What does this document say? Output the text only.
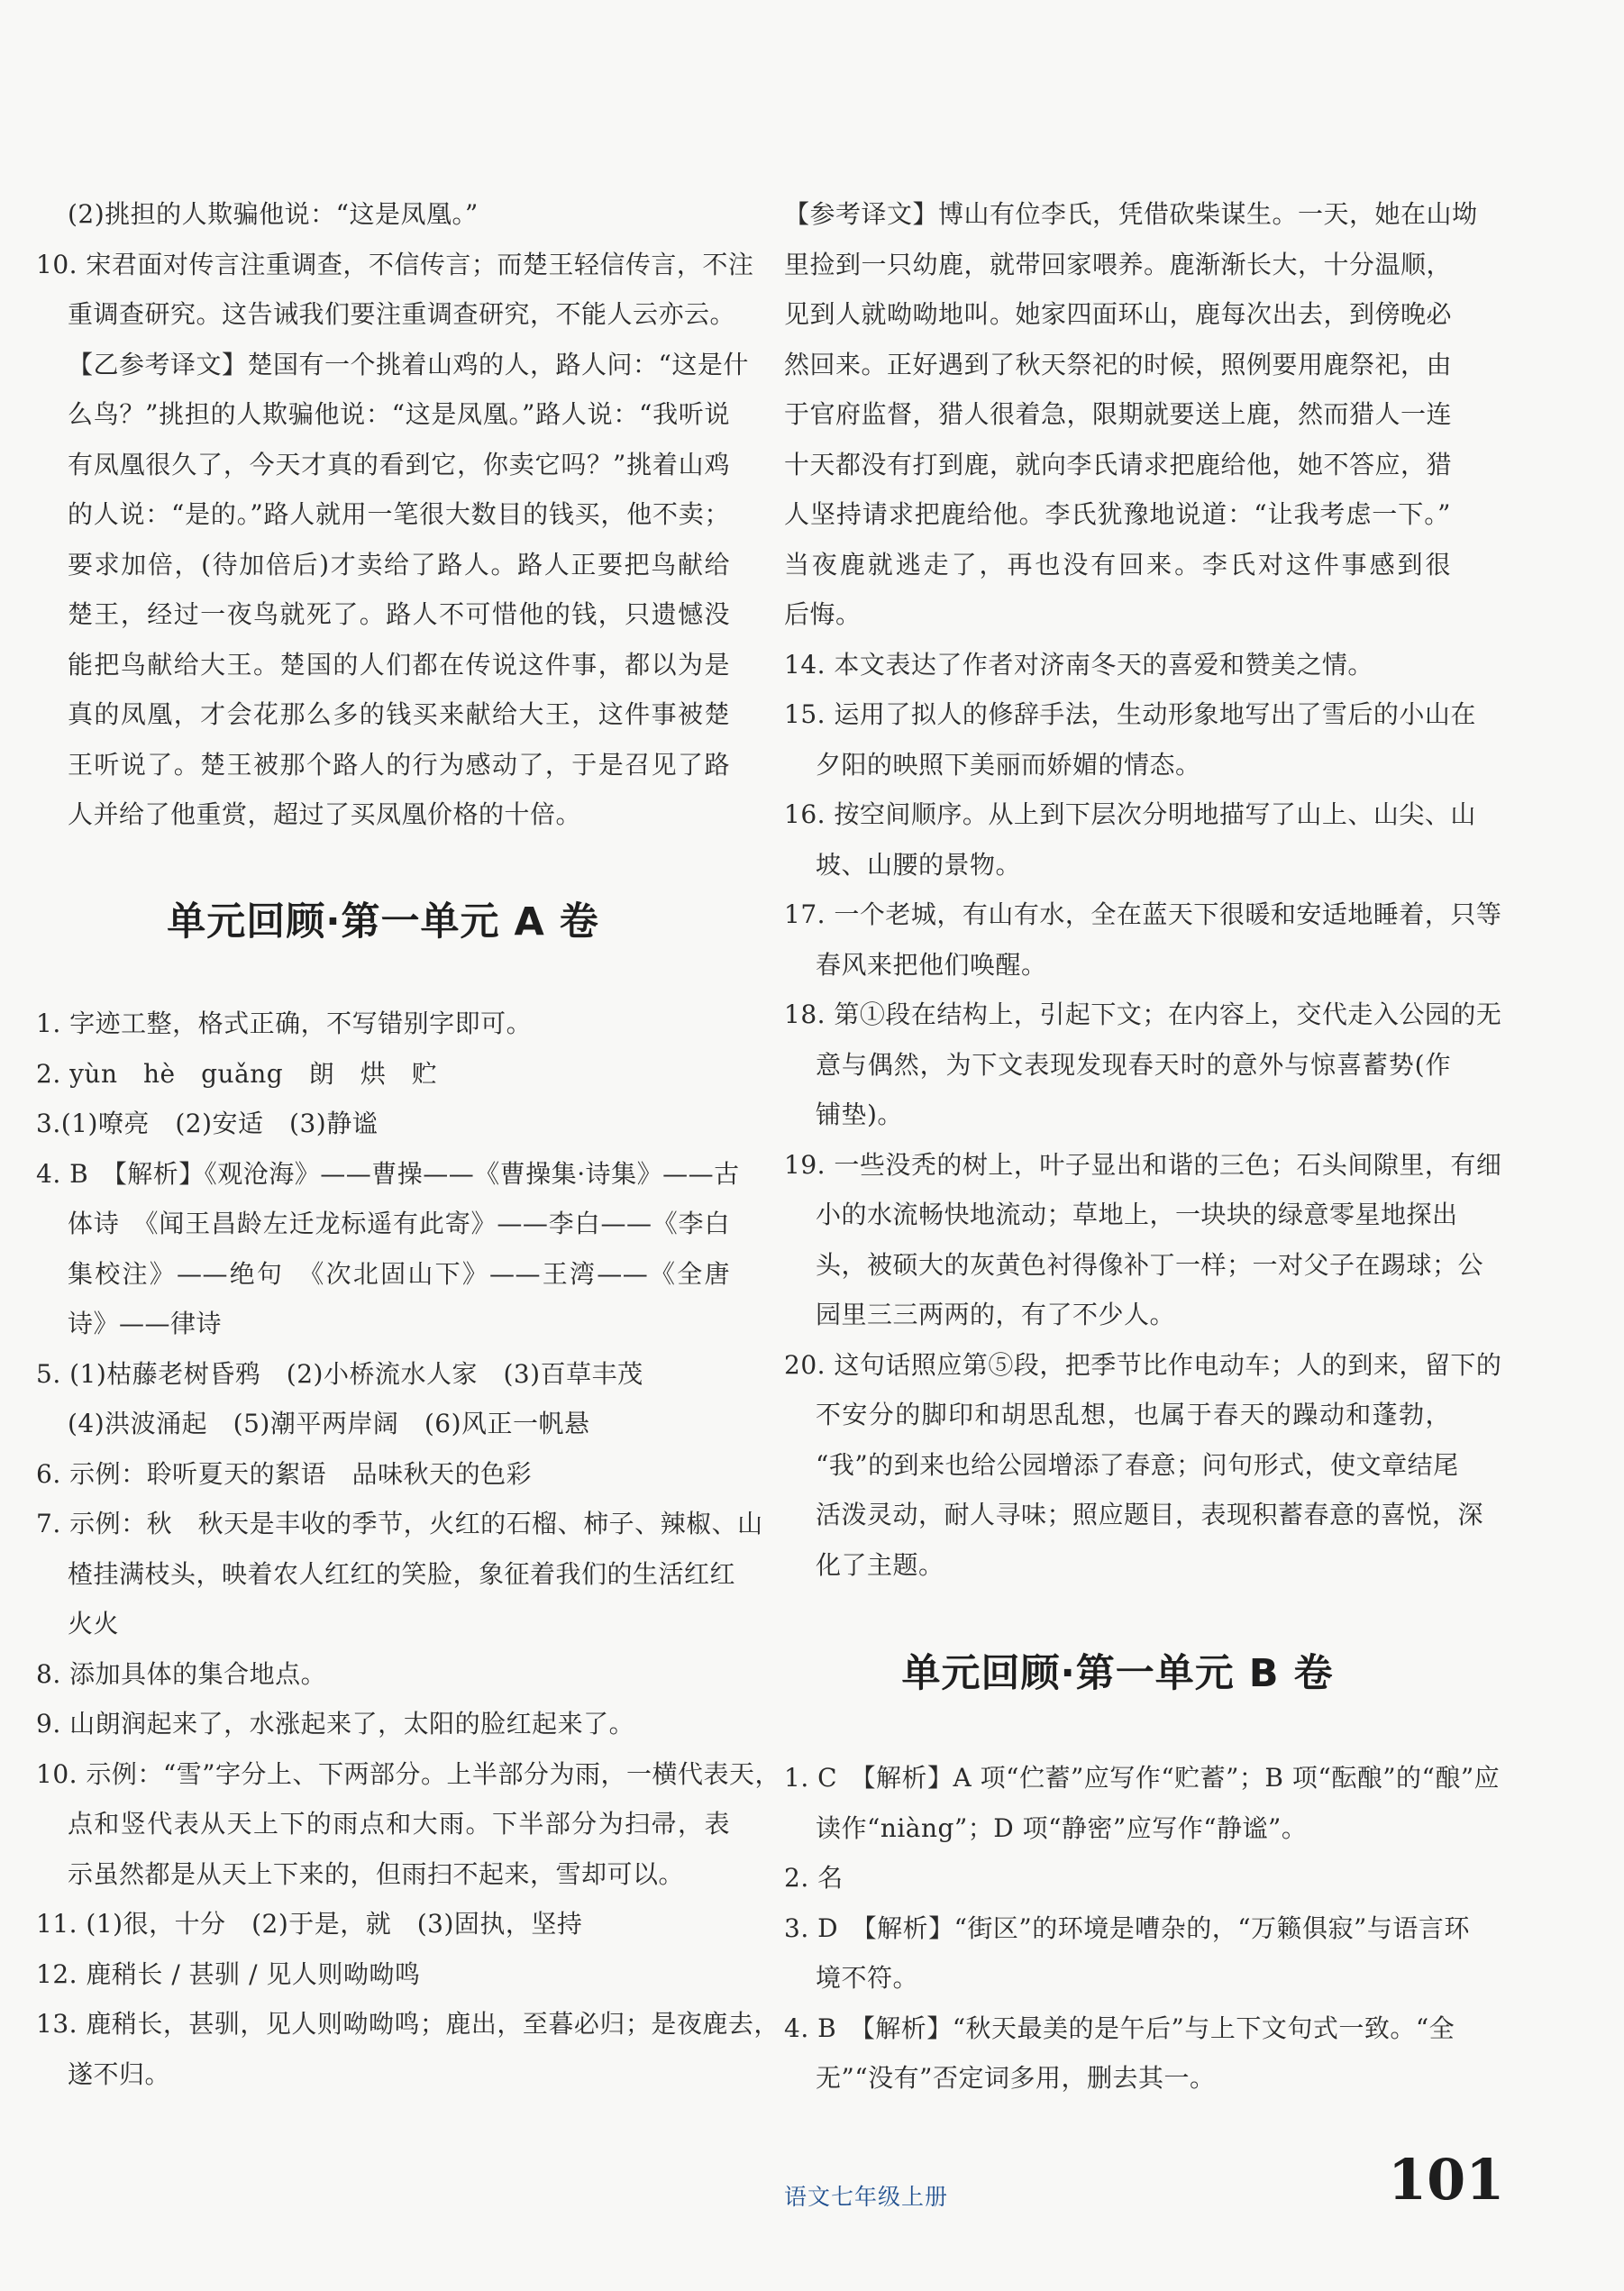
(2)挑担的人欺骗他说：“这是凤凰。”
10. 宋君面对传言注重调查，不信传言；而楚王轻信传言，不注
重调查研究。这告诫我们要注重调查研究，不能人云亦云。
【乙参考译文】楚国有一个挑着山鸡的人，路人问：“这是什
么鸟？”挑担的人欺骗他说：“这是凤凰。”路人说：“我听说
有凤凰很久了，今天才真的看到它，你卖它吗？”挑着山鸡
的人说：“是的。”路人就用一笔很大数目的钱买，他不卖；
要求加倍，(待加倍后)才卖给了路人。路人正要把鸟献给
楚王，经过一夜鸟就死了。路人不可惜他的钱，只遗憾没
能把鸟献给大王。楚国的人们都在传说这件事，都以为是
真的凤凰，才会花那么多的钱买来献给大王，这件事被楚
王听说了。楚王被那个路人的行为感动了，于是召见了路
人并给了他重赏，超过了买凤凰价格的十倍。
单元回顾·第一单元 A 卷
1. 字迹工整，格式正确，不写错别字即可。
2. yùn　hè　guǎng　朗　烘　贮
3.(1)嘹亮　(2)安适　(3)静谧
4. B　【解析】《观沧海》——曹操——《曹操集·诗集》——古
体诗　《闻王昌龄左迁龙标遥有此寄》——李白——《李白
集校注》——绝句　《次北固山下》——王湾——《全唐
诗》——律诗
5. (1)枯藤老树昏鸦　(2)小桥流水人家　(3)百草丰茂
(4)洪波涌起　(5)潮平两岸阔　(6)风正一帆悬
6. 示例：聆听夏天的絮语　品味秋天的色彩
7. 示例：秋　秋天是丰收的季节，火红的石榴、柿子、辣椒、山
楂挂满枝头，映着农人红红的笑脸，象征着我们的生活红红
火火
8. 添加具体的集合地点。
9. 山朗润起来了，水涨起来了，太阳的脸红起来了。
10. 示例：“雪”字分上、下两部分。上半部分为雨，一横代表天，
点和竖代表从天上下的雨点和大雨。下半部分为扫帚，表
示虽然都是从天上下来的，但雨扫不起来，雪却可以。
11. (1)很，十分　(2)于是，就　(3)固执，坚持
12. 鹿稍长 / 甚驯 / 见人则呦呦鸣
13. 鹿稍长，甚驯，见人则呦呦鸣；鹿出，至暮必归；是夜鹿去，
遂不归。
【参考译文】博山有位李氏，凭借砍柴谋生。一天，她在山坳
里捡到一只幼鹿，就带回家喂养。鹿渐渐长大，十分温顺，
见到人就呦呦地叫。她家四面环山，鹿每次出去，到傍晚必
然回来。正好遇到了秋天祭祀的时候，照例要用鹿祭祀，由
于官府监督，猎人很着急，限期就要送上鹿，然而猎人一连
十天都没有打到鹿，就向李氏请求把鹿给他，她不答应，猎
人坚持请求把鹿给他。李氏犹豫地说道：“让我考虑一下。”
当夜鹿就逃走了，再也没有回来。李氏对这件事感到很
后悔。
14. 本文表达了作者对济南冬天的喜爱和赞美之情。
15. 运用了拟人的修辞手法，生动形象地写出了雪后的小山在
夕阳的映照下美丽而娇媚的情态。
16. 按空间顺序。从上到下层次分明地描写了山上、山尖、山
坡、山腰的景物。
17. 一个老城，有山有水，全在蓝天下很暖和安适地睡着，只等
春风来把他们唤醒。
18. 第①段在结构上，引起下文；在内容上，交代走入公园的无
意与偶然，为下文表现发现春天时的意外与惊喜蓄势(作
铺垫)。
19. 一些没秃的树上，叶子显出和谐的三色；石头间隙里，有细
小的水流畅快地流动；草地上，一块块的绿意零星地探出
头，被硕大的灰黄色衬得像补丁一样；一对父子在踢球；公
园里三三两两的，有了不少人。
20. 这句话照应第⑤段，把季节比作电动车；人的到来，留下的
不安分的脚印和胡思乱想，也属于春天的躁动和蓬勃，
“我”的到来也给公园增添了春意；问句形式，使文章结尾
活泼灵动，耐人寻味；照应题目，表现积蓄春意的喜悦，深
化了主题。
单元回顾·第一单元 B 卷
1. C　【解析】A 项“伫蓄”应写作“贮蓄”；B 项“酝酿”的“酿”应
读作“niàng”；D 项“静密”应写作“静谧”。
2. 名
3. D　【解析】“街区”的环境是嘈杂的，“万籁俱寂”与语言环
境不符。
4. B　【解析】“秋天最美的是午后”与上下文句式一致。“全
无”“没有”否定词多用，删去其一。
语文七年级上册	101
